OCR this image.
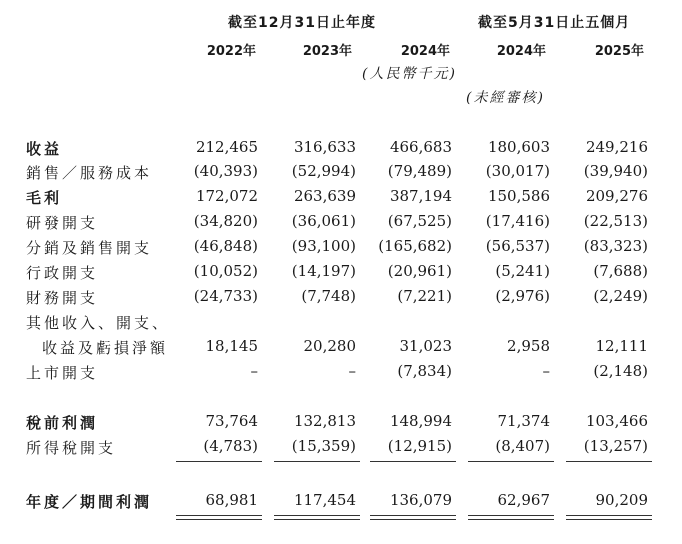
截至12月31日止年度	截至5月31日止五個月
2022年	2023年	2024年	2024年	2025年
(人民幣千元)
(未經審核)
收益	212,465	316,633	466,683	180,603	249,216
銷售／服務成本	(40,393)	(52,994)	(79,489)	(30,017)	(39,940)
毛利	172,072	263,639	387,194	150,586	209,276
研發開支	(34,820)	(36,061)	(67,525)	(17,416)	(22,513)
分銷及銷售開支	(46,848)	(93,100)	(165,682)	(56,537)	(83,323)
行政開支	(10,052)	(14,197)	(20,961)	(5,241)	(7,688)
財務開支	(24,733)	(7,748)	(7,221)	(2,976)	(2,249)
其他收入、開支、
收益及虧損淨額	18,145	20,280	31,023	2,958	12,111
上市開支	–	–	(7,834)	–	(2,148)
稅前利潤	73,764	132,813	148,994	71,374	103,466
所得稅開支	(4,783)	(15,359)	(12,915)	(8,407)	(13,257)
年度／期間利潤	68,981	117,454	136,079	62,967	90,209
